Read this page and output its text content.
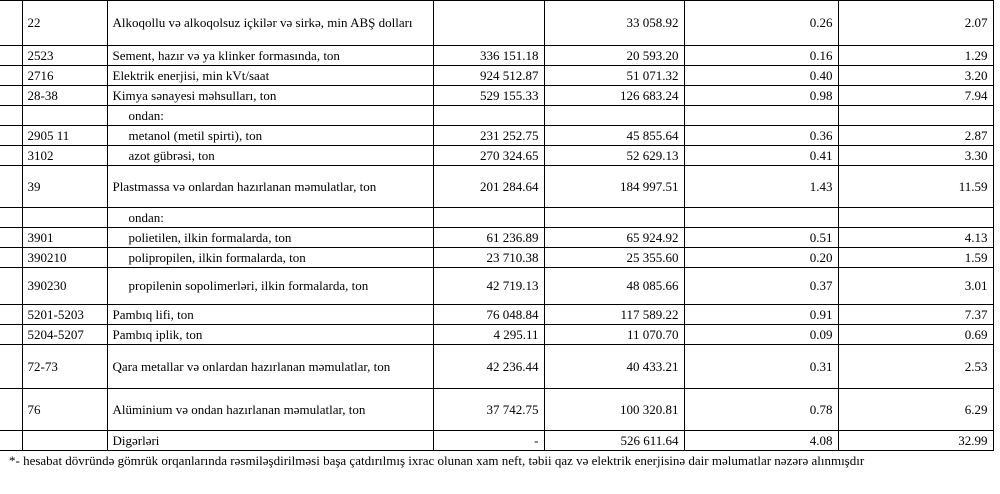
	22	Alkoqollu və alkoqolsuz içkilər və sirkə, min ABŞ dolları		33 058.92	0.26	2.07
	2523	Sement, hazır və ya klinker formasında, ton	336 151.18	20 593.20	0.16	1.29
	2716	Elektrik enerjisi, min kVt/saat	924 512.87	51 071.32	0.40	3.20
	28-38	Kimya sənayesi məhsulları, ton	529 155.33	126 683.24	0.98	7.94
		ondan:				
	2905 11	metanol (metil spirti), ton	231 252.75	45 855.64	0.36	2.87
	3102	azot gübrəsi, ton	270 324.65	52 629.13	0.41	3.30
	39	Plastmassa və onlardan hazırlanan məmulatlar, ton	201 284.64	184 997.51	1.43	11.59
		ondan:				
	3901	polietilen, ilkin formalarda, ton	61 236.89	65 924.92	0.51	4.13
	390210	polipropilen, ilkin formalarda, ton	23 710.38	25 355.60	0.20	1.59
	390230	propilenin sopolimerləri, ilkin formalarda, ton	42 719.13	48 085.66	0.37	3.01
	5201-5203	Pambıq lifi, ton	76 048.84	117 589.22	0.91	7.37
	5204-5207	Pambıq iplik, ton	4 295.11	11 070.70	0.09	0.69
	72-73	Qara metallar və onlardan hazırlanan məmulatlar, ton	42 236.44	40 433.21	0.31	2.53
	76	Alüminium və ondan hazırlanan məmulatlar, ton	37 742.75	100 320.81	0.78	6.29
		Digərləri	-	526 611.64	4.08	32.99
*- hesabat dövründə gömrük orqanlarında rəsmiləşdirilməsi başa çatdırılmış ixrac olunan xam neft, təbii qaz və elektrik enerjisinə dair məlumatlar nəzərə alınmışdır
